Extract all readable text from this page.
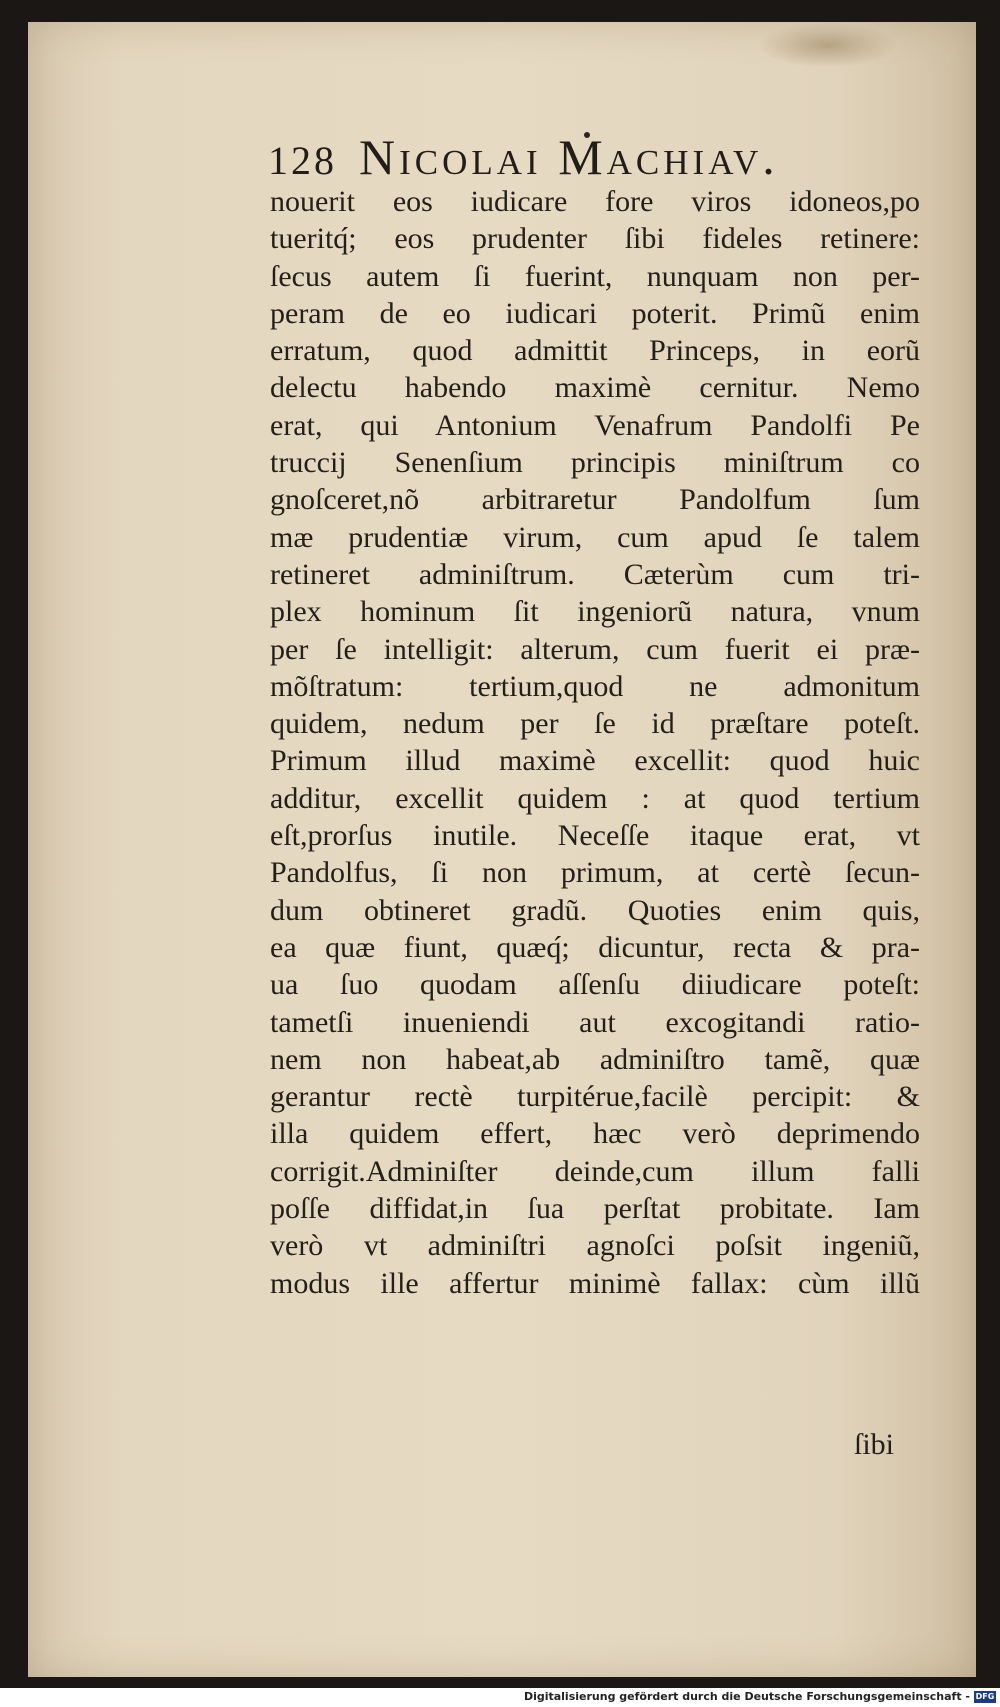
128 Nicolai Machiav.
nouerit eos iudicare fore viros idoneos,po
tueritq́; eos prudenter ſibi fideles retinere:
ſecus autem ſi fuerint, nunquam non per-
peram de eo iudicari poterit. Primũ enim
erratum, quod admittit Princeps, in eorũ
delectu habendo maximè cernitur. Nemo
erat, qui Antonium Venafrum Pandolfi Pe
truccij Senenſium principis miniſtrum co
gnoſceret,nõ arbitraretur Pandolfum ſum
mæ prudentiæ virum, cum apud ſe talem
retineret adminiſtrum. Cæterùm cum tri-
plex hominum ſit ingeniorũ natura, vnum
per ſe intelligit: alterum, cum fuerit ei præ-
mõſtratum: tertium,quod ne admonitum
quidem, nedum per ſe id præſtare poteſt.
Primum illud maximè excellit: quod huic
additur, excellit quidem : at quod tertium
eſt,prorſus inutile. Neceſſe itaque erat, vt
Pandolfus, ſi non primum, at certè ſecun-
dum obtineret gradũ. Quoties enim quis,
ea quæ fiunt, quæq́; dicuntur, recta & pra-
ua ſuo quodam aſſenſu diiudicare poteſt:
tametſi inueniendi aut excogitandi ratio-
nem non habeat,ab adminiſtro tamẽ, quæ
gerantur rectè turpitérue,facilè percipit: &
illa quidem effert, hæc verò deprimendo
corrigit.Adminiſter deinde,cum illum falli
poſſe diffidat,in ſua perſtat probitate. Iam
verò vt adminiſtri agnoſci poſsit ingeniũ,
modus ille affertur minimè fallax: cùm illũ
ſibi
Digitalisierung gefördert durch die Deutsche Forschungsgemeinschaft - DFG
